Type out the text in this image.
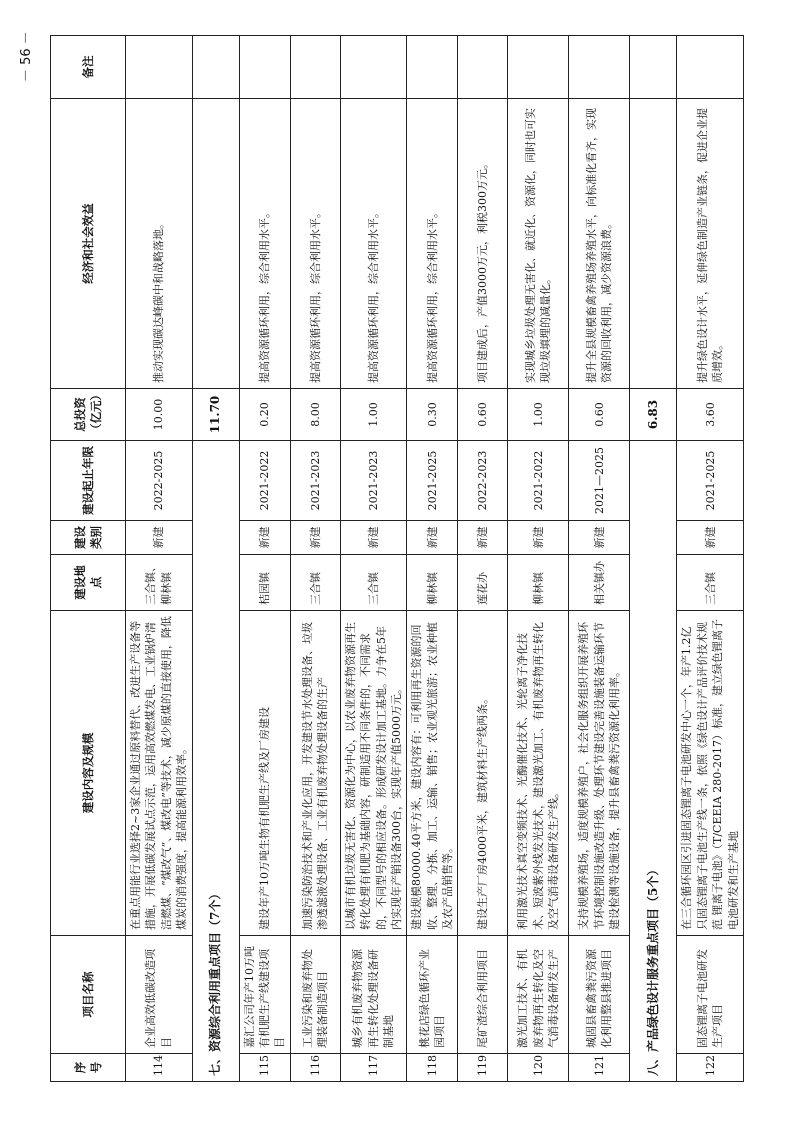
－ 56 －
序号	项目名称	建设内容及规模	建设地点	建设类别	建设起止年限	总投资（亿元）	经济和社会效益	备注
114	企业高效低碳改造项目	在重点用能行业选择2~3家企业通过原料替代、改进生产设备等措施，开展低碳发展试点示范，运用高效燃煤发电、工业锅炉清洁燃煤、“煤改气”、煤改电”等技术，减少原煤的直接使用，降低煤炭的消费强度，提高能源利用效率。	三合镇、柳林镇	新建	2022-2025	10.00	推动实现碳达峰碳中和战略落地。	
七、资源综合利用重点项目（7个）						11.70		
115	嘉汇公司年产10万吨有机肥生产线建设项目	建设年产10万吨生物有机肥生产线及厂房建设	桔园镇	新建	2021-2022	0.20	提高资源循环利用，综合利用水平。	
116	工业污染和废弃物处理装备制造项目	加速污染防治技术和产业化应用，开发建设节水处理设备、垃圾渗透滤液处理设备、工业有机废弃物处理设备的生产	三合镇	新建	2021-2023	8.00	提高资源循环利用，综合利用水平。	
117	城乡有机废弃物资源再生转化处理设备研制基地	以城市有机垃圾无害化、资源化为中心，以农业废弃物资源再生转化处理有机肥为基础内容，研制适用不同条件的，不同需求的，不同型号的相应设备。形成研发设计加工基地。力争在5年内实现年产销设备300台，实现年产值5000万元。	三合镇	新建	2021-2023	1.00	提高资源循环利用，综合利用水平。	
118	桃花店绿色循环产业园项目	建设规模80000.40平方米，建设内容有：可利用再生资源的回收、整理、分拣、加工、运输、销售；农业观光旅游；农业种植及农产品销售等。	柳林镇	新建	2021-2025	0.30	提高资源循环利用，综合利用水平。	
119	尾矿渣综合利用项目	建设生产厂房4000平米，建筑材料生产线两条。	莲花办	新建	2022-2023	0.60	项目建成后，产值3000万元，利税300万元。	
120	激光加工技术、有机废弃物再生转化及空气消毒设备研发生产	利用激光技术真空变频技术、光酶催化技术、光轮离子净化技术、短波紫外线发光技术，建设激光加工、有机废弃物再生转化及空气消毒设备研发生产线。	柳林镇	新建	2021-2022	1.00	实现城乡垃圾处理无害化、就近化、资源化，同时也可实现垃圾填埋的减量化。	
121	城固县畜禽粪污资源化利用整县推进项目	支持规模养殖场，适度规模养殖户，社会化服务组织开展养殖环节环境控制设施改造升级、处理环节建设完善设施装备运输环节建设检测等设施设备，提升县畜禽粪污资源化利用率。	相关镇办	新建	2021—2025	0.60	提升全县规模畜禽养殖场养殖水平，向标准化看齐，实现资源的回收利用，减少资源浪费。	
八、产品绿色设计服务重点项目（5个）						6.83		
122	固态锂离子电池研发生产项目	在三合循环园区引进固态锂离子电池研发中心一个，年产1.2亿只固态锂离子电池生产线一条，依照《绿色设计产品评价技术规范 锂离子电池》（T/CEEIA 280-2017）标准，建立绿色锂离子电池研发和生产基地	三合镇	新建	2021-2025	3.60	提升绿色设计水平，延伸绿色制造产业链条，促进企业提质增效。	
